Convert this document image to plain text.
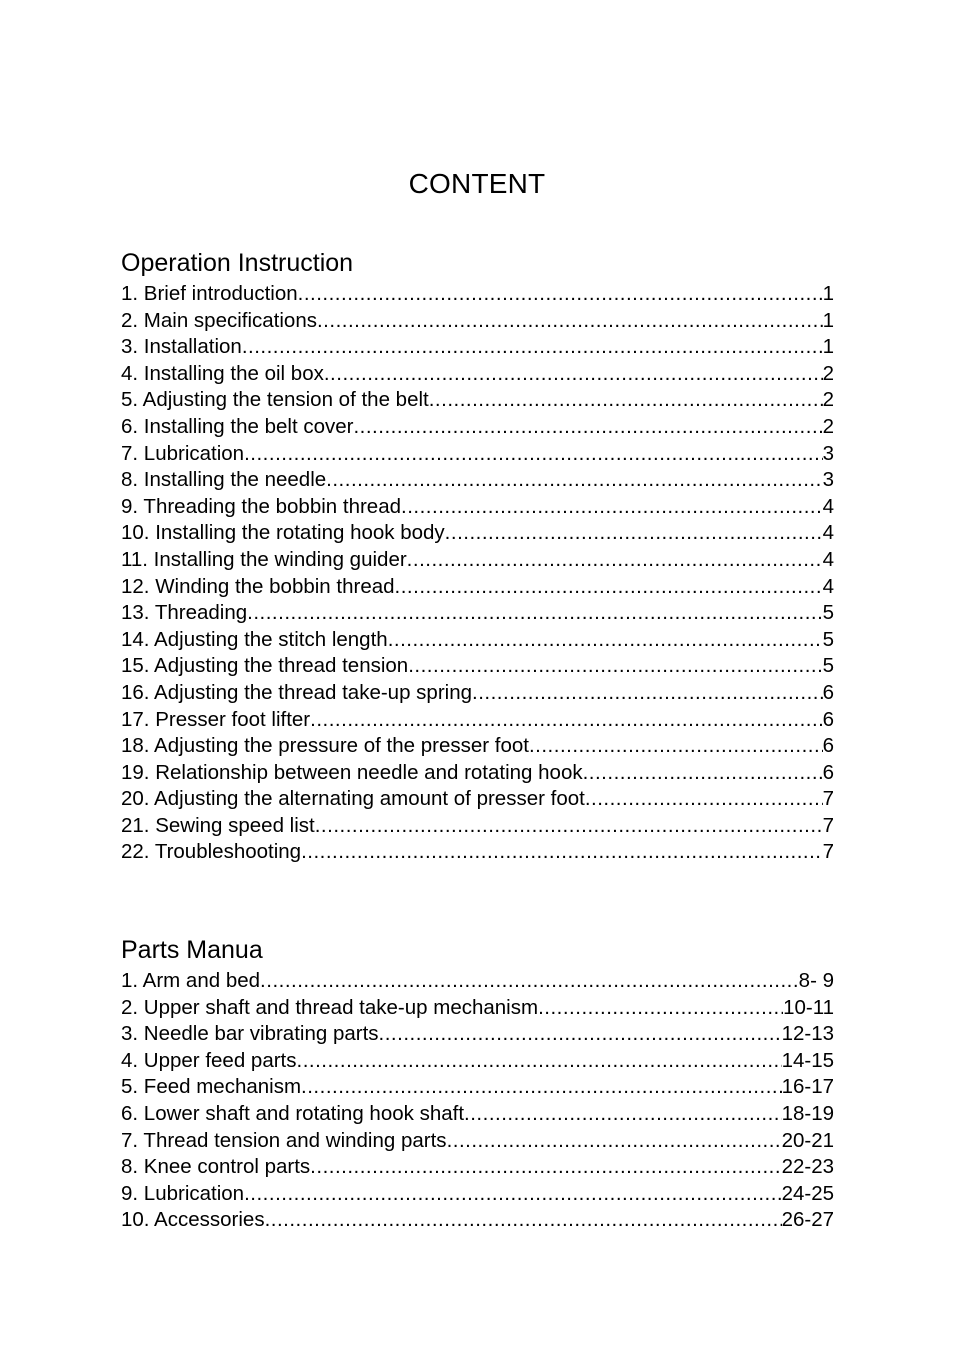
CONTENT
Operation Instruction
1. Brief introduction .....	1
2. Main specifications .....	1
3. Installation .....	1
4. Installing the oil box .....	2
5. Adjusting the tension of the belt .....	2
6. Installing the belt cover .....	2
7. Lubrication .....	3
8. Installing the needle .....	3
9. Threading the bobbin thread .....	4
10. Installing the rotating hook body .....	4
11. Installing the winding guider .....	4
12. Winding the bobbin thread .....	4
13. Threading .....	5
14. Adjusting the stitch length .....	5
15. Adjusting the thread tension .....	5
16. Adjusting the thread take-up spring .....	6
17. Presser foot lifter .....	6
18. Adjusting the pressure of the presser foot .....	6
19. Relationship between needle and rotating hook .....	6
20. Adjusting the alternating amount of presser foot .....	7
21. Sewing speed list .....	7
22. Troubleshooting .....	7
Parts Manua
1. Arm and bed .....	8- 9
2. Upper shaft and thread take-up mechanism .....	10-11
3. Needle bar vibrating parts .....	12-13
4. Upper feed parts .....	14-15
5. Feed mechanism .....	16-17
6. Lower shaft and rotating hook shaft .....	18-19
7. Thread tension and winding parts .....	20-21
8. Knee control parts .....	22-23
9. Lubrication .....	24-25
10. Accessories .....	26-27
